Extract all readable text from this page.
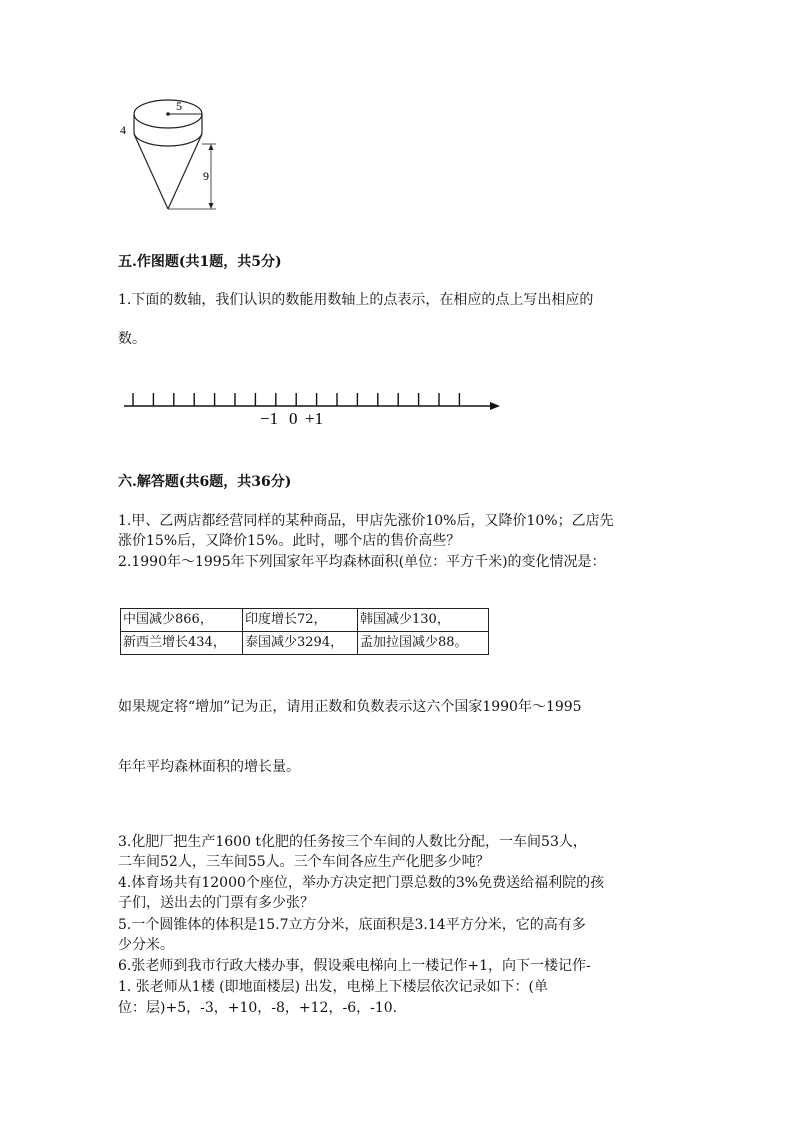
5
4
9
五.作图题(共1题，共5分)
1.下面的数轴，我们认识的数能用数轴上的点表示，在相应的点上写出相应的
数。
−1 0 +1
六.解答题(共6题，共36分)
1.甲、乙两店都经营同样的某种商品，甲店先涨价10%后，又降价10%；乙店先
涨价15%后，又降价15%。此时，哪个店的售价高些？
2.1990年～1995年下列国家年平均森林面积(单位：平方千米)的变化情况是：
中国减少866，	印度增长72，	韩国减少130，
新西兰增长434，	泰国减少3294，	孟加拉国减少88。
如果规定将“增加”记为正，请用正数和负数表示这六个国家1990年～1995
年年平均森林面积的增长量。
3.化肥厂把生产1600 t化肥的任务按三个车间的人数比分配，一车间53人，
二车间52人，三车间55人。三个车间各应生产化肥多少吨？
4.体育场共有12000个座位，举办方决定把门票总数的3%免费送给福利院的孩
子们，送出去的门票有多少张？
5.一个圆锥体的体积是15.7立方分米，底面积是3.14平方分米，它的高有多
少分米。
6.张老师到我市行政大楼办事，假设乘电梯向上一楼记作+1，向下一楼记作-
1. 张老师从1楼 (即地面楼层) 出发，电梯上下楼层依次记录如下：(单
位：层)+5，-3，+10，-8，+12，-6，-10.
